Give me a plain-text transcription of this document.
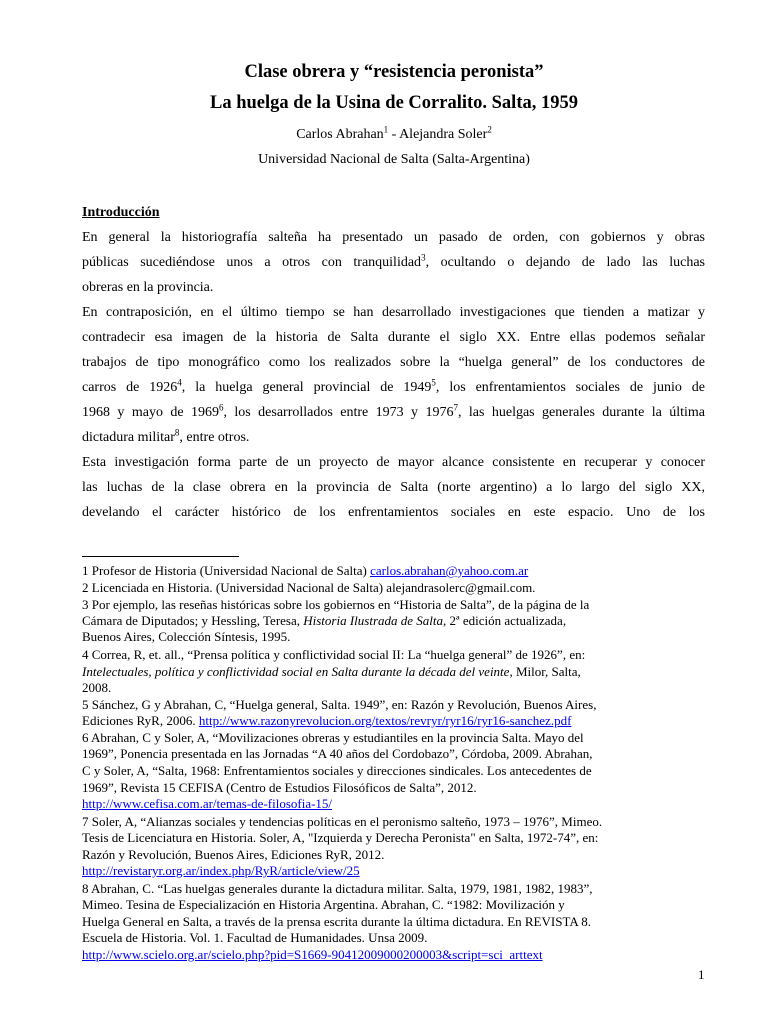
Clase obrera y “resistencia peronista”
La huelga de la Usina de Corralito. Salta, 1959
Carlos Abrahan$^1$ - Alejandra Soler$^2$
Universidad Nacional de Salta (Salta-Argentina)
Introducción
En general la historiografía salteña ha presentado un pasado de orden, con gobiernos y obras
públicas sucediéndose unos a otros con tranquilidad$^3$, ocultando o dejando de lado las luchas
obreras en la provincia.
En contraposición, en el último tiempo se han desarrollado investigaciones que tienden a matizar y
contradecir esa imagen de la historia de Salta durante el siglo XX. Entre ellas podemos señalar
trabajos de tipo monográfico como los realizados sobre la “huelga general” de los conductores de
carros de 1926$^4$, la huelga general provincial de 1949$^5$, los enfrentamientos sociales de junio de
1968 y mayo de 1969$^6$, los desarrollados entre 1973 y 1976$^7$, las huelgas generales durante la última
dictadura militar$^8$, entre otros.
Esta investigación forma parte de un proyecto de mayor alcance consistente en recuperar y conocer
las luchas de la clase obrera en la provincia de Salta (norte argentino) a lo largo del siglo XX,
develando el carácter histórico de los enfrentamientos sociales en este espacio. Uno de los
1 Profesor de Historia (Universidad Nacional de Salta) carlos.abrahan@yahoo.com.ar
2 Licenciada en Historia. (Universidad Nacional de Salta) alejandrasolerc@gmail.com.
3 Por ejemplo, las reseñas históricas sobre los gobiernos en “Historia de Salta”, de la página de la
Cámara de Diputados; y Hessling, Teresa, Historia Ilustrada de Salta, 2ª edición actualizada,
Buenos Aires, Colección Síntesis, 1995.
4 Correa, R, et. all., “Prensa política y conflictividad social II: La “huelga general” de 1926”, en:
Intelectuales, política y conflictividad social en Salta durante la década del veinte, Milor, Salta,
2008.
5 Sánchez, G y Abrahan, C, “Huelga general, Salta. 1949”, en: Razón y Revolución, Buenos Aires,
Ediciones RyR, 2006. http://www.razonyrevolucion.org/textos/revryr/ryr16/ryr16-sanchez.pdf
6 Abrahan, C y Soler, A, “Movilizaciones obreras y estudiantiles en la provincia Salta. Mayo del
1969”, Ponencia presentada en las Jornadas “A 40 años del Cordobazo”, Córdoba, 2009. Abrahan,
C y Soler, A, “Salta, 1968: Enfrentamientos sociales y direcciones sindicales. Los antecedentes de
1969”, Revista 15 CEFISA (Centro de Estudios Filosóficos de Salta”, 2012.
http://www.cefisa.com.ar/temas-de-filosofia-15/
7 Soler, A, “Alianzas sociales y tendencias políticas en el peronismo salteño, 1973 – 1976”, Mimeo.
Tesis de Licenciatura en Historia. Soler, A, "Izquierda y Derecha Peronista" en Salta, 1972-74”, en:
Razón y Revolución, Buenos Aires, Ediciones RyR, 2012.
http://revistaryr.org.ar/index.php/RyR/article/view/25
8 Abrahan, C. “Las huelgas generales durante la dictadura militar. Salta, 1979, 1981, 1982, 1983”,
Mimeo. Tesina de Especialización en Historia Argentina. Abrahan, C. “1982: Movilización y
Huelga General en Salta, a través de la prensa escrita durante la última dictadura. En REVISTA 8.
Escuela de Historia. Vol. 1. Facultad de Humanidades. Unsa 2009.
http://www.scielo.org.ar/scielo.php?pid=S1669-90412009000200003&script=sci_arttext
1
